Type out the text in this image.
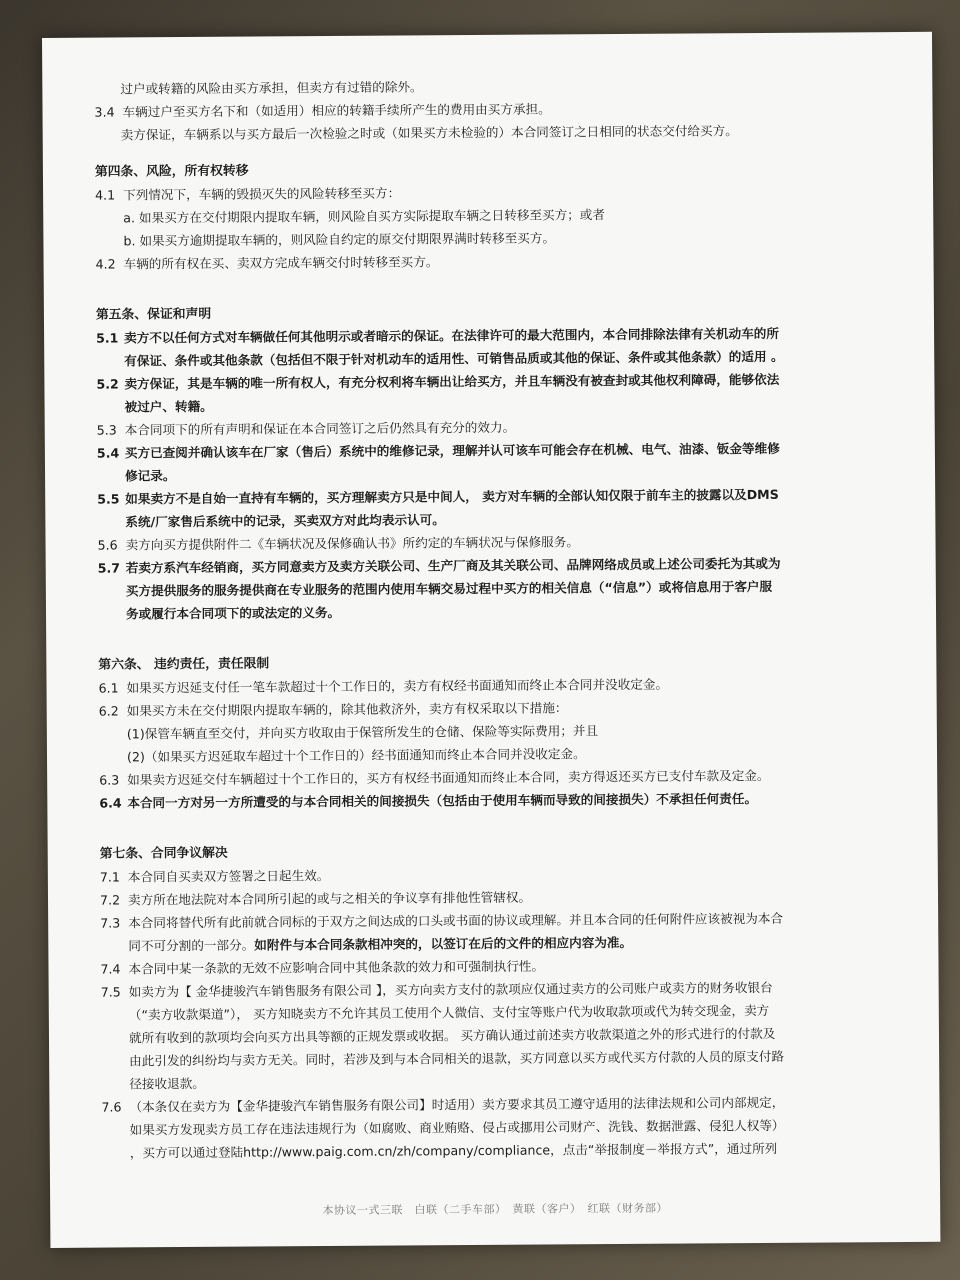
过户或转籍的风险由买方承担，但卖方有过错的除外。
3.4 车辆过户至买方名下和（如适用）相应的转籍手续所产生的费用由买方承担。
卖方保证，车辆系以与买方最后一次检验之时或（如果买方未检验的）本合同签订之日相同的状态交付给买方。
第四条、风险，所有权转移
4.1 下列情况下，车辆的毁损灭失的风险转移至买方：
a. 如果买方在交付期限内提取车辆，则风险自买方实际提取车辆之日转移至买方；或者
b. 如果买方逾期提取车辆的，则风险自约定的原交付期限界满时转移至买方。
4.2 车辆的所有权在买、卖双方完成车辆交付时转移至买方。
第五条、保证和声明
5.1 卖方不以任何方式对车辆做任何其他明示或者暗示的保证。在法律许可的最大范围内，本合同排除法律有关机动车的所
有保证、条件或其他条款（包括但不限于针对机动车的适用性、可销售品质或其他的保证、条件或其他条款）的适用 。
5.2 卖方保证，其是车辆的唯一所有权人，有充分权利将车辆出让给买方，并且车辆没有被查封或其他权利障碍，能够依法
被过户、转籍。
5.3 本合同项下的所有声明和保证在本合同签订之后仍然具有充分的效力。
5.4 买方已查阅并确认该车在厂家（售后）系统中的维修记录，理解并认可该车可能会存在机械、电气、油漆、钣金等维修
修记录。
5.5 如果卖方不是自始一直持有车辆的，买方理解卖方只是中间人， 卖方对车辆的全部认知仅限于前车主的披露以及DMS
系统/厂家售后系统中的记录，买卖双方对此均表示认可。
5.6 卖方向买方提供附件二《车辆状况及保修确认书》所约定的车辆状况与保修服务。
5.7 若卖方系汽车经销商，买方同意卖方及卖方关联公司、生产厂商及其关联公司、品牌网络成员或上述公司委托为其或为
买方提供服务的服务提供商在专业服务的范围内使用车辆交易过程中买方的相关信息（“信息”）或将信息用于客户服
务或履行本合同项下的或法定的义务。
第六条、 违约责任，责任限制
6.1 如果买方迟延支付任一笔车款超过十个工作日的，卖方有权经书面通知而终止本合同并没收定金。
6.2 如果买方未在交付期限内提取车辆的，除其他救济外，卖方有权采取以下措施：
(1)保管车辆直至交付，并向买方收取由于保管所发生的仓储、保险等实际费用；并且
(2)（如果买方迟延取车超过十个工作日的）经书面通知而终止本合同并没收定金。
6.3 如果卖方迟延交付车辆超过十个工作日的，买方有权经书面通知而终止本合同，卖方得返还买方已支付车款及定金。
6.4 本合同一方对另一方所遭受的与本合同相关的间接损失（包括由于使用车辆而导致的间接损失）不承担任何责任。
第七条、合同争议解决
7.1 本合同自买卖双方签署之日起生效。
7.2 卖方所在地法院对本合同所引起的或与之相关的争议享有排他性管辖权。
7.3 本合同将替代所有此前就合同标的于双方之间达成的口头或书面的协议或理解。并且本合同的任何附件应该被视为本合
同不可分割的一部分。如附件与本合同条款相冲突的，以签订在后的文件的相应内容为准。
7.4 本合同中某一条款的无效不应影响合同中其他条款的效力和可强制执行性。
7.5 如卖方为【 金华捷骏汽车销售服务有限公司 】，买方向卖方支付的款项应仅通过卖方的公司账户或卖方的财务收银台
（“卖方收款渠道”）， 买方知晓卖方不允许其员工使用个人微信、支付宝等账户代为收取款项或代为转交现金，卖方
就所有收到的款项均会向买方出具等额的正规发票或收据。 买方确认通过前述卖方收款渠道之外的形式进行的付款及
由此引发的纠纷均与卖方无关。同时，若涉及到与本合同相关的退款，买方同意以买方或代买方付款的人员的原支付路
径接收退款。
7.6 （本条仅在卖方为【金华捷骏汽车销售服务有限公司】时适用）卖方要求其员工遵守适用的法律法规和公司内部规定，
如果买方发现卖方员工存在违法违规行为（如腐败、商业贿赂、侵占或挪用公司财产、洗钱、数据泄露、侵犯人权等）
，买方可以通过登陆http://www.paig.com.cn/zh/company/compliance，点击“举报制度－举报方式”，通过所列
本协议一式三联　白联（二手车部）　黄联（客户）　红联（财务部）
